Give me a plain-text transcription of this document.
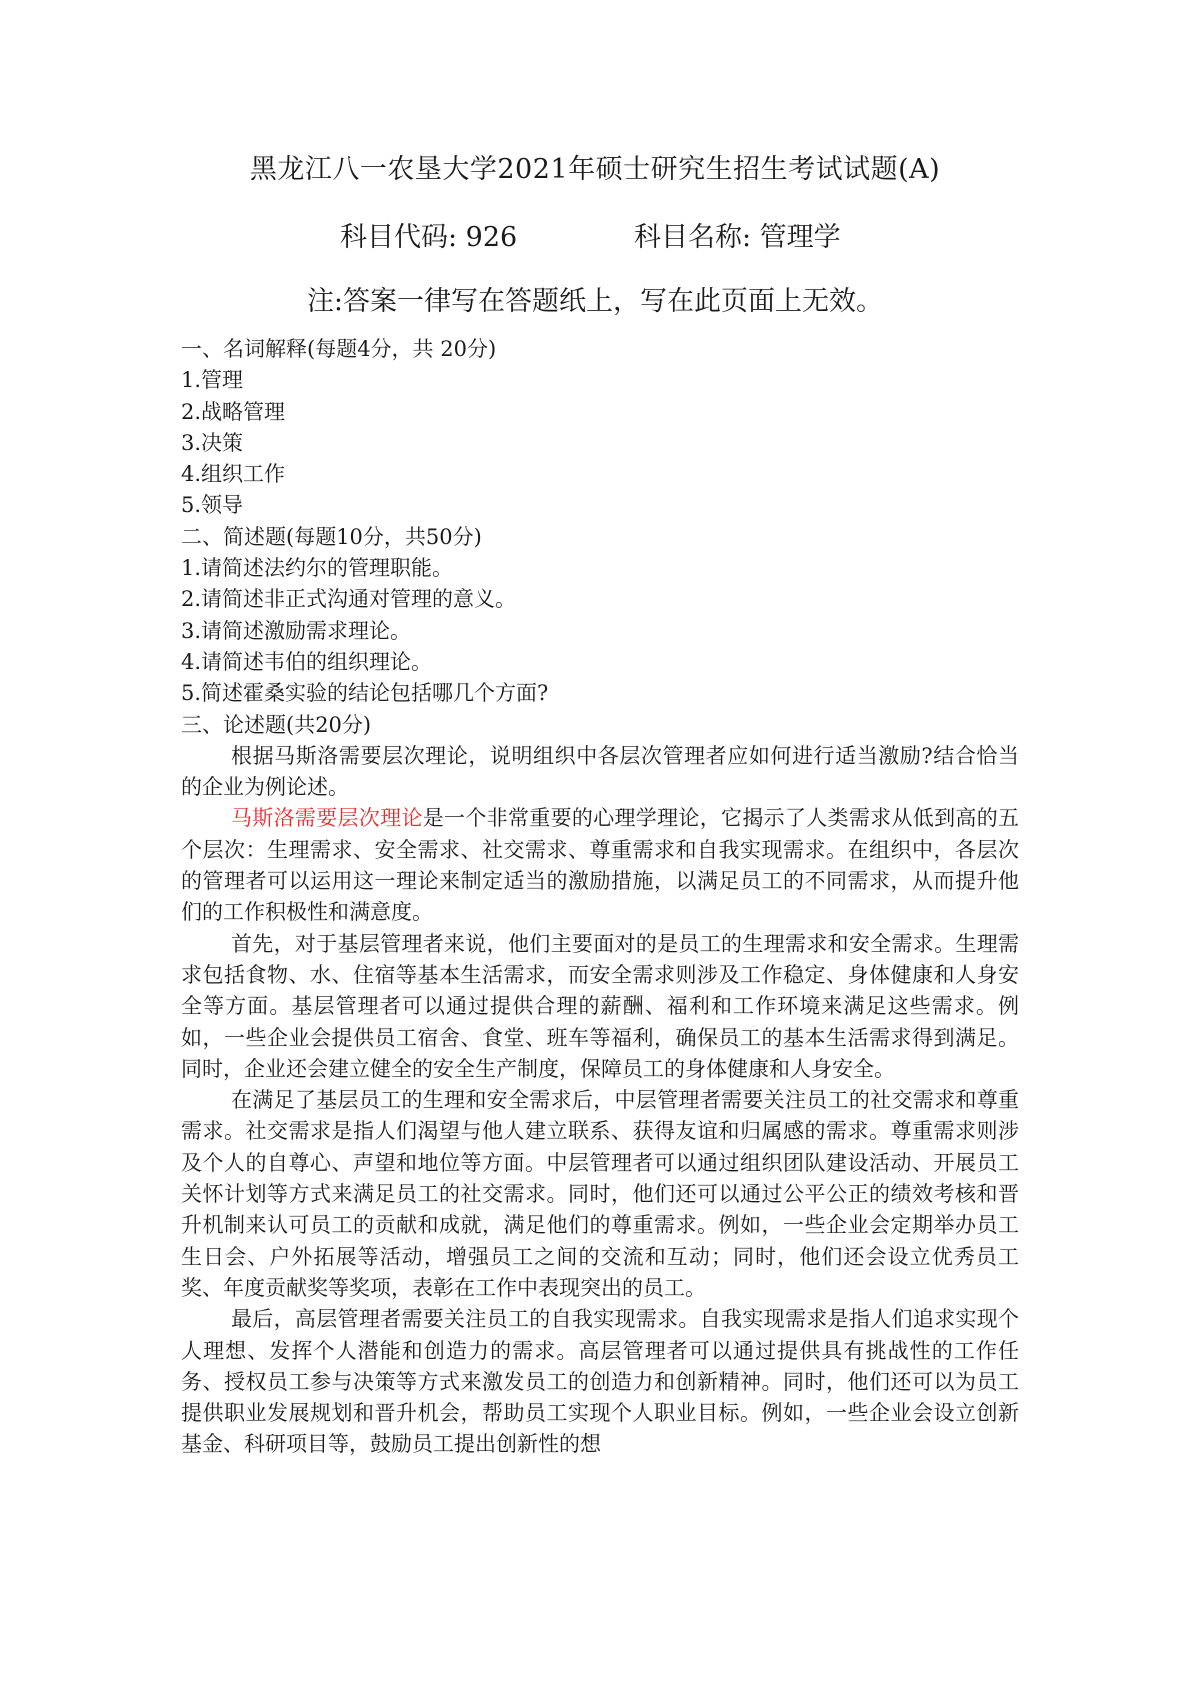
黑龙江八一农垦大学2021年硕士研究生招生考试试题(A)
科目代码: 926	科目名称: 管理学
注:答案一律写在答题纸上，写在此页面上无效。
一、名词解释(每题4分，共 20分)
1.管理
2.战略管理
3.决策
4.组织工作
5.领导
二、简述题(每题10分，共50分)
1.请简述法约尔的管理职能。
2.请简述非正式沟通对管理的意义。
3.请简述激励需求理论。
4.请简述韦伯的组织理论。
5.简述霍桑实验的结论包括哪几个方面?
三、论述题(共20分)
根据马斯洛需要层次理论，说明组织中各层次管理者应如何进行适当激励?结合恰当的企业为例论述。
马斯洛需要层次理论是一个非常重要的心理学理论，它揭示了人类需求从低到高的五个层次：生理需求、安全需求、社交需求、尊重需求和自我实现需求。在组织中，各层次的管理者可以运用这一理论来制定适当的激励措施，以满足员工的不同需求，从而提升他们的工作积极性和满意度。
首先，对于基层管理者来说，他们主要面对的是员工的生理需求和安全需求。生理需求包括食物、水、住宿等基本生活需求，而安全需求则涉及工作稳定、身体健康和人身安全等方面。基层管理者可以通过提供合理的薪酬、福利和工作环境来满足这些需求。例如，一些企业会提供员工宿舍、食堂、班车等福利，确保员工的基本生活需求得到满足。同时，企业还会建立健全的安全生产制度，保障员工的身体健康和人身安全。
在满足了基层员工的生理和安全需求后，中层管理者需要关注员工的社交需求和尊重需求。社交需求是指人们渴望与他人建立联系、获得友谊和归属感的需求。尊重需求则涉及个人的自尊心、声望和地位等方面。中层管理者可以通过组织团队建设活动、开展员工关怀计划等方式来满足员工的社交需求。同时，他们还可以通过公平公正的绩效考核和晋升机制来认可员工的贡献和成就，满足他们的尊重需求。例如，一些企业会定期举办员工生日会、户外拓展等活动，增强员工之间的交流和互动；同时，他们还会设立优秀员工奖、年度贡献奖等奖项，表彰在工作中表现突出的员工。
最后，高层管理者需要关注员工的自我实现需求。自我实现需求是指人们追求实现个人理想、发挥个人潜能和创造力的需求。高层管理者可以通过提供具有挑战性的工作任务、授权员工参与决策等方式来激发员工的创造力和创新精神。同时，他们还可以为员工提供职业发展规划和晋升机会，帮助员工实现个人职业目标。例如，一些企业会设立创新基金、科研项目等，鼓励员工提出创新性的想
